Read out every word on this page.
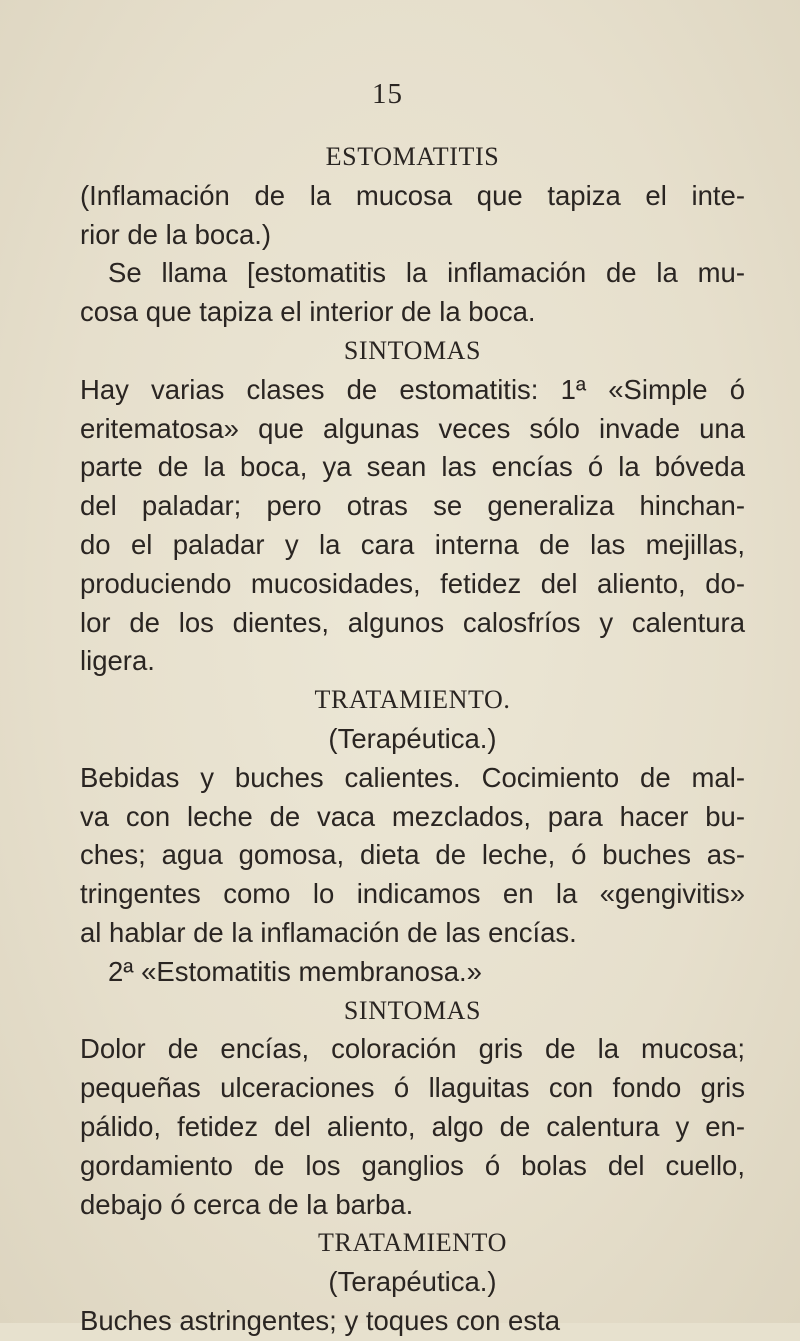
15
ESTOMATITIS
(Inflamación de la mucosa que tapiza el inte-
rior de la boca.)
Se llama [estomatitis la inflamación de la mu-
cosa que tapiza el interior de la boca.
SINTOMAS
Hay varias clases de estomatitis: 1ª «Simple ó
eritematosa» que algunas veces sólo invade una
parte de la boca, ya sean las encías ó la bóveda
del paladar; pero otras se generaliza hinchan-
do el paladar y la cara interna de las mejillas,
produciendo mucosidades, fetidez del aliento, do-
lor de los dientes, algunos calosfríos y calentura
ligera.
TRATAMIENTO.
(Terapéutica.)
Bebidas y buches calientes. Cocimiento de mal-
va con leche de vaca mezclados, para hacer bu-
ches; agua gomosa, dieta de leche, ó buches as-
tringentes como lo indicamos en la «gengivitis»
al hablar de la inflamación de las encías.
2ª «Estomatitis membranosa.»
SINTOMAS
Dolor de encías, coloración gris de la mucosa;
pequeñas ulceraciones ó llaguitas con fondo gris
pálido, fetidez del aliento, algo de calentura y en-
gordamiento de los ganglios ó bolas del cuello,
debajo ó cerca de la barba.
TRATAMIENTO
(Terapéutica.)
Buches astringentes; y toques con esta
